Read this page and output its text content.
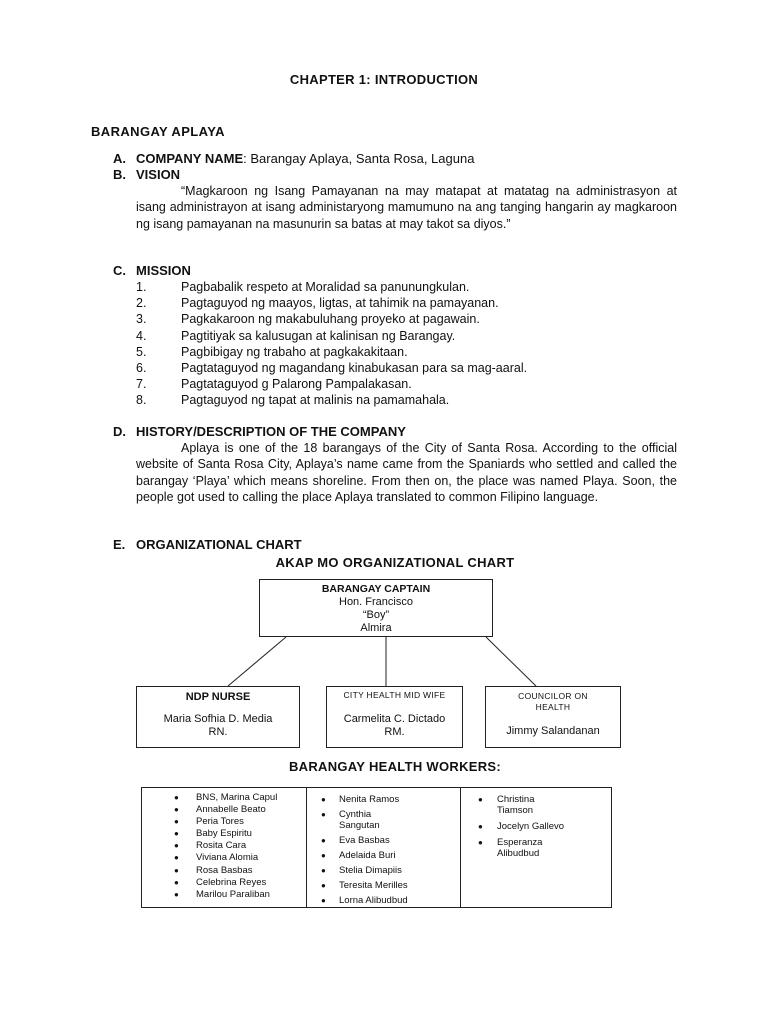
CHAPTER 1: INTRODUCTION
BARANGAY APLAYA
A. COMPANY NAME: Barangay Aplaya, Santa Rosa, Laguna
B. VISION
“Magkaroon ng Isang Pamayanan na may matapat at matatag na administrasyon at isang administrayon at isang administaryong mamumuno na ang tanging hangarin ay magkaroon ng isang pamayanan na masunurin sa batas at may takot sa diyos.”
C. MISSION
1.	Pagbabalik respeto at Moralidad sa panunungkulan.
2.	Pagtaguyod ng maayos, ligtas, at tahimik na pamayanan.
3.	Pagkakaroon ng makabuluhang proyeko at pagawain.
4.	Pagtitiyak sa kalusugan at kalinisan ng Barangay.
5.	Pagbibigay ng trabaho at pagkakakitaan.
6.	Pagtataguyod ng magandang kinabukasan para sa mag-aaral.
7.	Pagtataguyod g Palarong Pampalakasan.
8.	Pagtaguyod ng tapat at malinis na pamamahala.
D. HISTORY/DESCRIPTION OF THE COMPANY
Aplaya is one of the 18 barangays of the City of Santa Rosa. According to the official website of Santa Rosa City, Aplaya’s name came from the Spaniards who settled and called the barangay ‘Playa’ which means shoreline. From then on, the place was named Playa. Soon, the people got used to calling the place Aplaya translated to common Filipino language.
E. ORGANIZATIONAL CHART
AKAP MO ORGANIZATIONAL CHART
BARANGAY CAPTAIN
Hon. Francisco
“Boy”
Almira
NDP NURSE
Maria Sofhia D. Media
RN.
CITY HEALTH MID WIFE
Carmelita C. Dictado
RM.
COUNCILOR ON
HEALTH
Jimmy Salandanan
BARANGAY HEALTH WORKERS:
● BNS, Marina Capul
● Annabelle Beato
● Peria Tores
● Baby Espiritu
● Rosita Cara
● Viviana Alomia
● Rosa Basbas
● Celebrina Reyes
● Marilou Paraliban
● Nenita Ramos
● Cynthia
Sangutan
● Eva Basbas
● Adelaida Buri
● Stelia Dimapiis
● Teresita Merilles
● Lorna Alibudbud
● Christina
Tiamson
● Jocelyn Gallevo
● Esperanza
Alibudbud
